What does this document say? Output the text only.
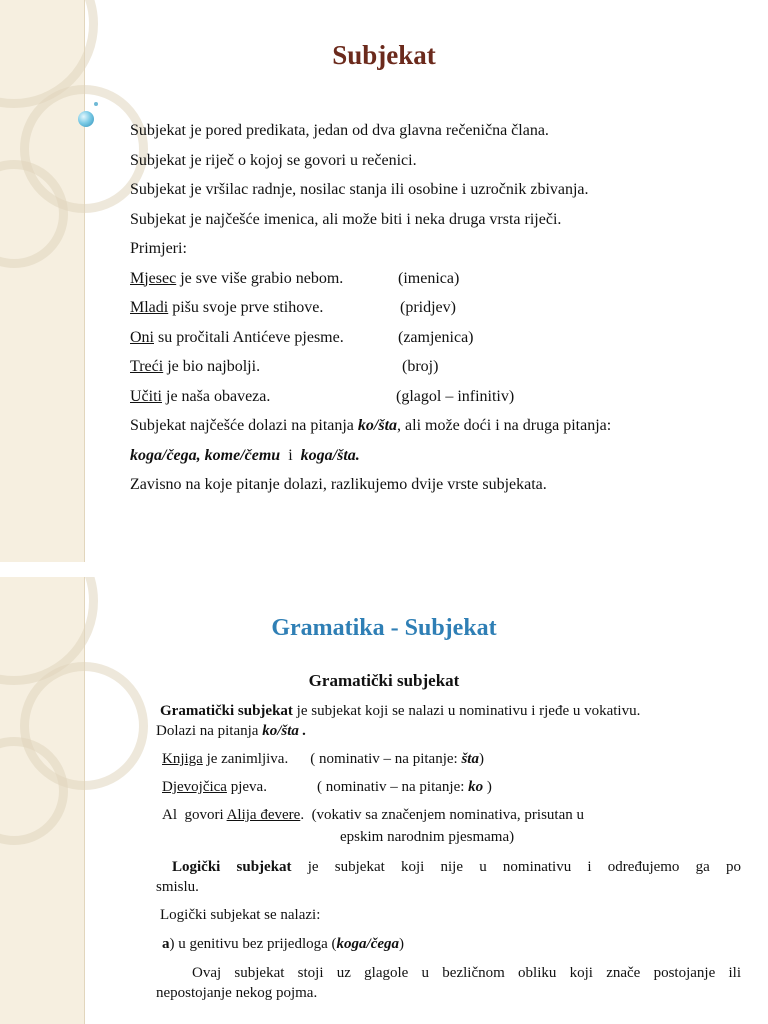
Subjekat
Subjekat je pored predikata, jedan od dva glavna rečenična člana.
Subjekat je riječ o kojoj se govori u rečenici.
Subjekat je vršilac radnje, nosilac stanja ili osobine i uzročnik zbivanja.
Subjekat je najčešće imenica, ali može biti i neka druga vrsta riječi.
Primjeri:
Mjesec je sve više grabio nebom.	(imenica)
Mladi pišu svoje prve stihove.	(pridjev)
Oni su pročitali Antićeve pjesme.	(zamjenica)
Treći je bio najbolji.	(broj)
Učiti je naša obaveza.	(glagol – infinitiv)
Subjekat najčešće dolazi na pitanja ko/šta, ali može doći i na druga pitanja:
koga/čega, kome/čemu  i  koga/šta.
Zavisno na koje pitanje dolazi, razlikujemo dvije vrste subjekata.
Gramatika - Subjekat
Gramatički subjekat

Gramatički subjekat je subjekat koji se nalazi u nominativu i rjeđe u vokativu.

Dolazi na pitanja ko/šta .

Knjiga je zanimljiva. ( nominativ – na pitanje: šta)

Djevojčica pjeva.	( nominativ – na pitanje: ko )

Al  govori Alija đevere.  (vokativ sa značenjem nominativa, prisutan u

epskim narodnim pjesmama)

Logički subjekat je subjekat koji nije u nominativu i određujemo ga po

smislu.

Logički subjekat se nalazi:

a) u genitivu bez prijedloga (koga/čega)

Ovaj subjekat stoji uz glagole u bezličnom obliku koji znače postojanje ili

nepostojanje nekog pojma.
